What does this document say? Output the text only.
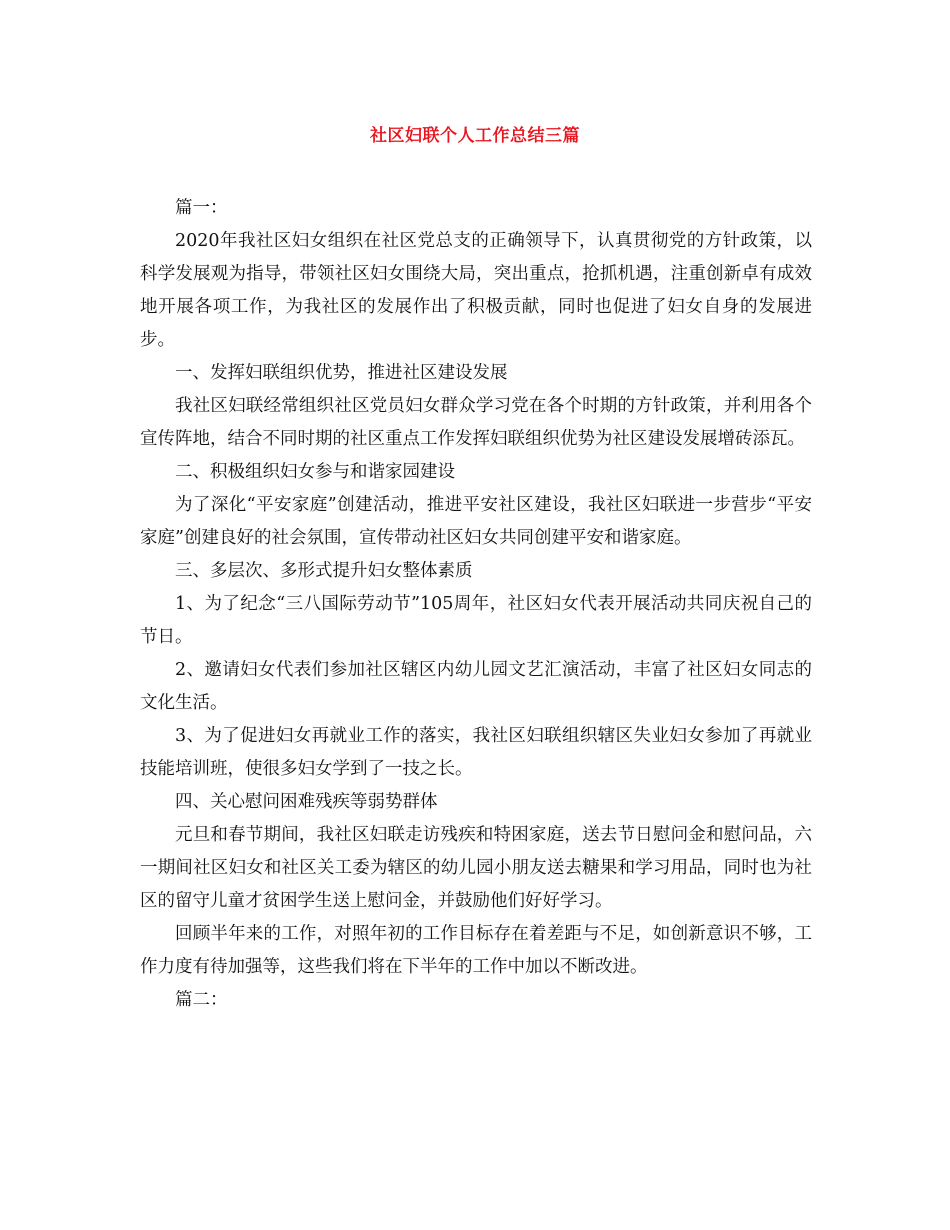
社区妇联个人工作总结三篇

篇一：

2020年我社区妇女组织在社区党总支的正确领导下，认真贯彻党的方针政策，以科学发展观为指导，带领社区妇女围绕大局，突出重点，抢抓机遇，注重创新卓有成效地开展各项工作，为我社区的发展作出了积极贡献，同时也促进了妇女自身的发展进步。

一、发挥妇联组织优势，推进社区建设发展

我社区妇联经常组织社区党员妇女群众学习党在各个时期的方针政策，并利用各个宣传阵地，结合不同时期的社区重点工作发挥妇联组织优势为社区建设发展增砖添瓦。

二、积极组织妇女参与和谐家园建设

为了深化“平安家庭”创建活动，推进平安社区建设，我社区妇联进一步营步“平安家庭”创建良好的社会氛围，宣传带动社区妇女共同创建平安和谐家庭。

三、多层次、多形式提升妇女整体素质

1、为了纪念“三八国际劳动节”105周年，社区妇女代表开展活动共同庆祝自己的节日。

2、邀请妇女代表们参加社区辖区内幼儿园文艺汇演活动，丰富了社区妇女同志的文化生活。

3、为了促进妇女再就业工作的落实，我社区妇联组织辖区失业妇女参加了再就业技能培训班，使很多妇女学到了一技之长。

四、关心慰问困难残疾等弱势群体

元旦和春节期间，我社区妇联走访残疾和特困家庭，送去节日慰问金和慰问品，六一期间社区妇女和社区关工委为辖区的幼儿园小朋友送去糖果和学习用品，同时也为社区的留守儿童才贫困学生送上慰问金，并鼓励他们好好学习。

回顾半年来的工作，对照年初的工作目标存在着差距与不足，如创新意识不够，工作力度有待加强等，这些我们将在下半年的工作中加以不断改进。

篇二：
